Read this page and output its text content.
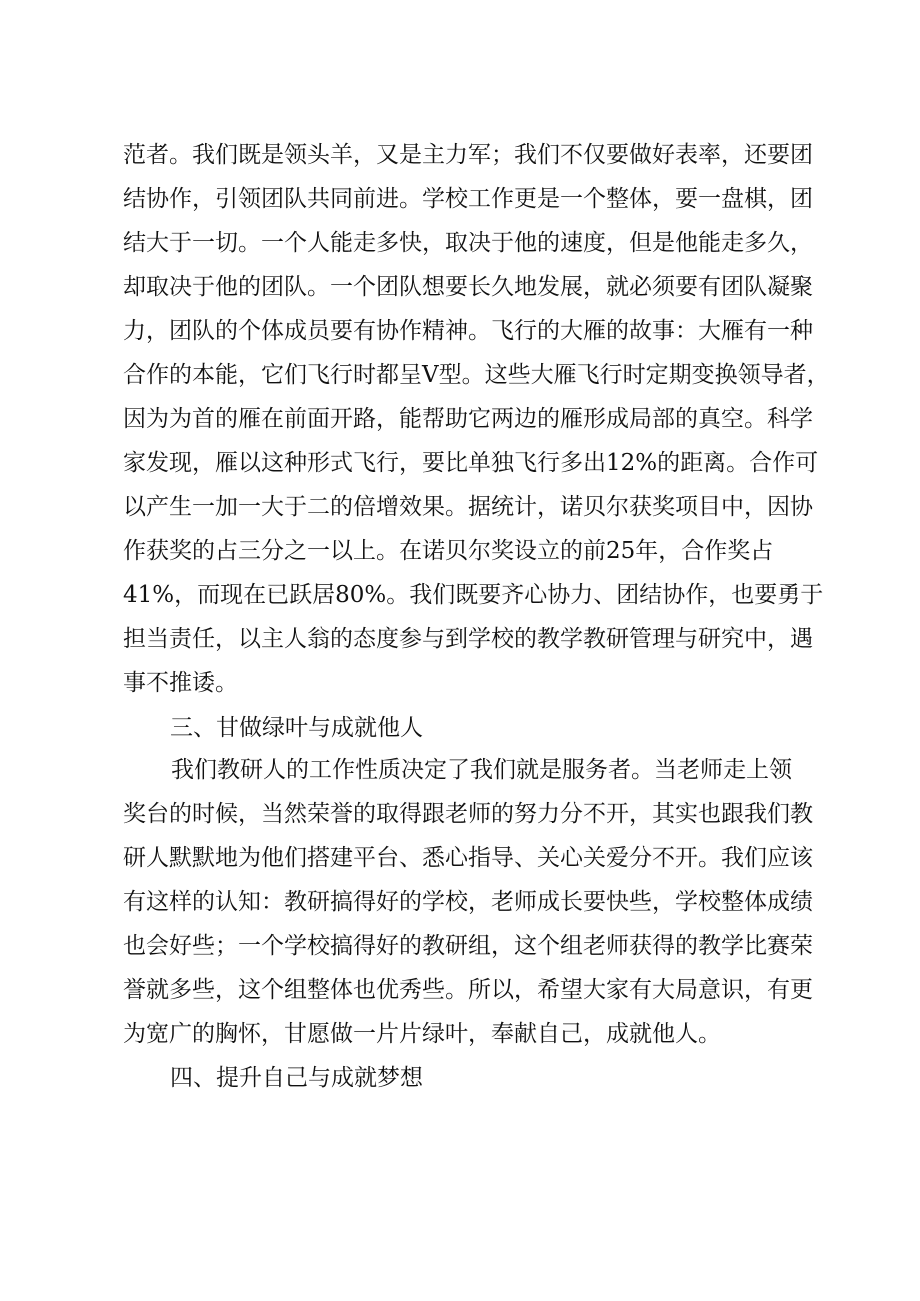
范者。我们既是领头羊，又是主力军；我们不仅要做好表率，还要团
结协作，引领团队共同前进。学校工作更是一个整体，要一盘棋，团
结大于一切。一个人能走多快，取决于他的速度，但是他能走多久，
却取决于他的团队。一个团队想要长久地发展，就必须要有团队凝聚
力，团队的个体成员要有协作精神。飞行的大雁的故事：大雁有一种
合作的本能，它们飞行时都呈V型。这些大雁飞行时定期变换领导者，
因为为首的雁在前面开路，能帮助它两边的雁形成局部的真空。科学
家发现，雁以这种形式飞行，要比单独飞行多出12%的距离。合作可
以产生一加一大于二的倍增效果。据统计，诺贝尔获奖项目中，因协
作获奖的占三分之一以上。在诺贝尔奖设立的前25年，合作奖占
41%，而现在已跃居80%。我们既要齐心协力、团结协作，也要勇于
担当责任，以主人翁的态度参与到学校的教学教研管理与研究中，遇
事不推诿。
三、甘做绿叶与成就他人
我们教研人的工作性质决定了我们就是服务者。当老师走上领
奖台的时候，当然荣誉的取得跟老师的努力分不开，其实也跟我们教
研人默默地为他们搭建平台、悉心指导、关心关爱分不开。我们应该
有这样的认知：教研搞得好的学校，老师成长要快些，学校整体成绩
也会好些；一个学校搞得好的教研组，这个组老师获得的教学比赛荣
誉就多些，这个组整体也优秀些。所以，希望大家有大局意识，有更
为宽广的胸怀，甘愿做一片片绿叶，奉献自己，成就他人。
四、提升自己与成就梦想
